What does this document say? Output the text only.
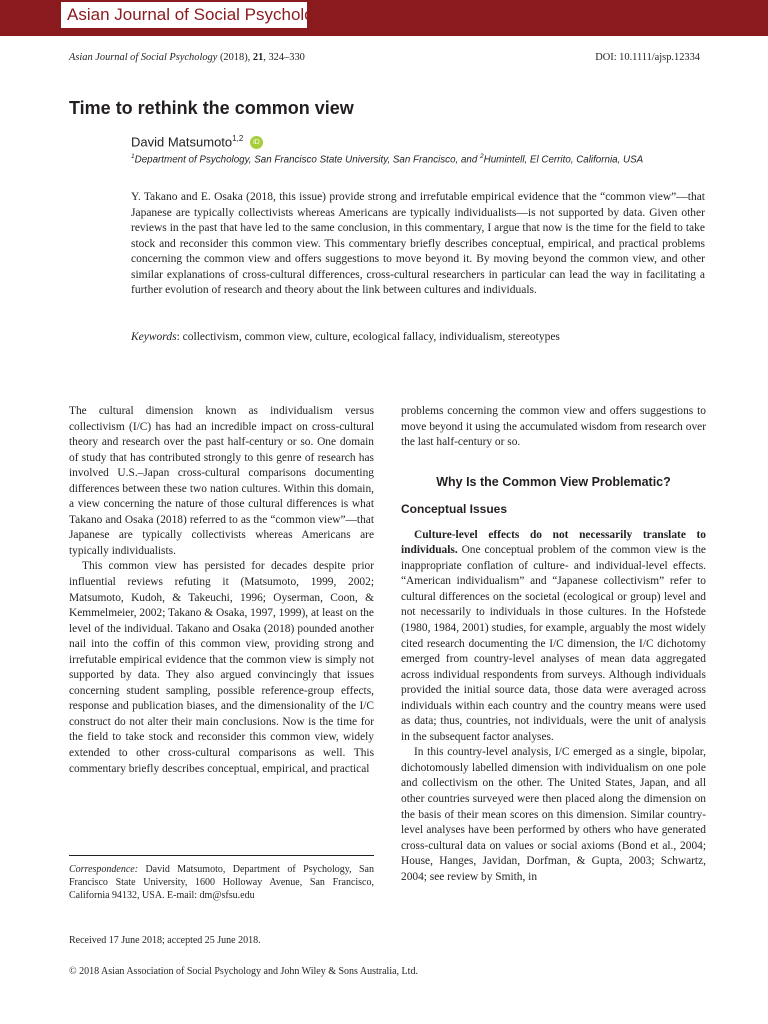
Asian Journal of Social Psychology
Asian Journal of Social Psychology (2018), 21, 324–330	DOI: 10.1111/ajsp.12334
Time to rethink the common view
David Matsumoto$^{1,2}$ iD
$^1$Department of Psychology, San Francisco State University, San Francisco, and $^2$Humintell, El Cerrito, California, USA

Y. Takano and E. Osaka (2018, this issue) provide strong and irrefutable empirical evidence that the “common view”—that Japanese are typically collectivists whereas Americans are typically individualists—is not supported by data. Given other reviews in the past that have led to the same conclusion, in this commentary, I argue that now is the time for the field to take stock and reconsider this common view. This commentary briefly describes conceptual, empirical, and practical problems concerning the common view and offers suggestions to move beyond it. By moving beyond the common view, and other similar explanations of cross-cultural differences, cross-cultural researchers in particular can lead the way in facilitating a further evolution of research and theory about the link between cultures and individuals.

Keywords: collectivism, common view, culture, ecological fallacy, individualism, stereotypes

The cultural dimension known as individualism versus collectivism (I/C) has had an incredible impact on cross-cultural theory and research over the past half-century or so. One domain of study that has contributed strongly to this genre of research has involved U.S.–Japan cross-cultural comparisons documenting differences between these two nation cultures. Within this domain, a view concerning the nature of those cultural differences is what Takano and Osaka (2018) referred to as the “common view”—that Japanese are typically collectivists whereas Americans are typically individualists.

This common view has persisted for decades despite prior influential reviews refuting it (Matsumoto, 1999, 2002; Matsumoto, Kudoh, & Takeuchi, 1996; Oyserman, Coon, & Kemmelmeier, 2002; Takano & Osaka, 1997, 1999), at least on the level of the individual. Takano and Osaka (2018) pounded another nail into the coffin of this common view, providing strong and irrefutable empirical evidence that the common view is simply not supported by data. They also argued convincingly that issues concerning student sampling, possible reference-group effects, response and publication biases, and the dimensionality of the I/C construct do not alter their main conclusions. Now is the time for the field to take stock and reconsider this common view, widely extended to other cross-cultural comparisons as well. This commentary briefly describes conceptual, empirical, and practical

problems concerning the common view and offers suggestions to move beyond it using the accumulated wisdom from research over the last half-century or so.

Why Is the Common View Problematic?
Conceptual Issues

Culture-level effects do not necessarily translate to individuals. One conceptual problem of the common view is the inappropriate conflation of culture- and individual-level effects. “American individualism” and “Japanese collectivism” refer to cultural differences on the societal (ecological or group) level and not necessarily to individuals in those cultures. In the Hofstede (1980, 1984, 2001) studies, for example, arguably the most widely cited research documenting the I/C dimension, the I/C dichotomy emerged from country-level analyses of mean data aggregated across individual respondents from surveys. Although individuals provided the initial source data, those data were averaged across individuals within each country and the country means were used as data; thus, countries, not individuals, were the unit of analysis in the subsequent factor analyses.

In this country-level analysis, I/C emerged as a single, bipolar, dichotomously labelled dimension with individualism on one pole and collectivism on the other. The United States, Japan, and all other countries surveyed were then placed along the dimension on the basis of their mean scores on this dimension. Similar country-level analyses have been performed by others who have generated cross-cultural data on values or social axioms (Bond et al., 2004; House, Hanges, Javidan, Dorfman, & Gupta, 2003; Schwartz, 2004; see review by Smith, in

Correspondence: David Matsumoto, Department of Psychology, San Francisco State University, 1600 Holloway Avenue, San Francisco, California 94132, USA. E-mail: dm@sfsu.edu
Received 17 June 2018; accepted 25 June 2018.
© 2018 Asian Association of Social Psychology and John Wiley & Sons Australia, Ltd.
